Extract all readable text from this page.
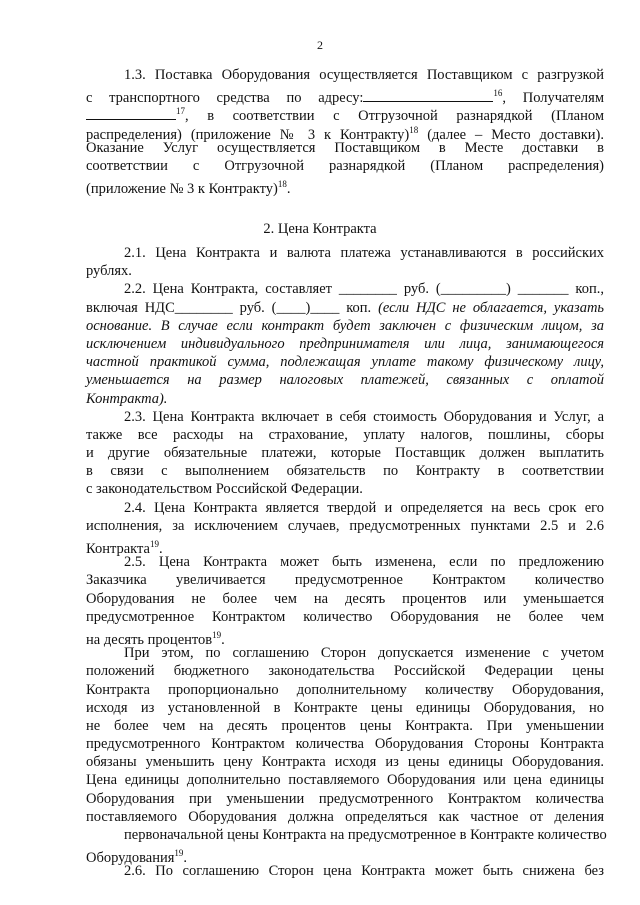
2
1.3. Поставка Оборудования осуществляется Поставщиком с разгрузкой
с транспортного средства по адресу:	$^{16}$, Получателям
$^{17}$, в соответствии с Отгрузочной разнарядкой (Планом
распределения) (приложение № 3 к Контракту)$^{18}$ (далее – Место доставки).
Оказание Услуг осуществляется Поставщиком в Месте доставки в
соответствии с Отгрузочной разнарядкой (Планом распределения)
(приложение № 3 к Контракту)$^{18}$.
2. Цена Контракта
2.1. Цена Контракта и валюта платежа устанавливаются в российских
рублях.
2.2. Цена Контракта, составляет ________ руб. (_________) _______ коп.,
включая НДС________ руб. (____)____ коп. (если НДС не облагается, указать
основание. В случае если контракт будет заключен с физическим лицом, за
исключением индивидуального предпринимателя или лица, занимающегося
частной практикой сумма, подлежащая уплате такому физическому лицу,
уменьшается на размер налоговых платежей, связанных с оплатой
Контракта).
2.3. Цена Контракта включает в себя стоимость Оборудования и Услуг, а
также все расходы на страхование, уплату налогов, пошлины, сборы
и другие обязательные платежи, которые Поставщик должен выплатить
в связи с выполнением обязательств по Контракту в соответствии
с законодательством Российской Федерации.
2.4. Цена Контракта является твердой и определяется на весь срок его
исполнения, за исключением случаев, предусмотренных пунктами 2.5 и 2.6
Контракта$^{19}$.
2.5. Цена Контракта может быть изменена, если по предложению
Заказчика увеличивается предусмотренное Контрактом количество
Оборудования не более чем на десять процентов или уменьшается
предусмотренное Контрактом количество Оборудования не более чем
на десять процентов$^{19}$.
При этом, по соглашению Сторон допускается изменение с учетом
положений бюджетного законодательства Российской Федерации цены
Контракта пропорционально дополнительному количеству Оборудования,
исходя из установленной в Контракте цены единицы Оборудования, но
не более чем на десять процентов цены Контракта. При уменьшении
предусмотренного Контрактом количества Оборудования Стороны Контракта
обязаны уменьшить цену Контракта исходя из цены единицы Оборудования.
Цена единицы дополнительно поставляемого Оборудования или цена единицы
Оборудования при уменьшении предусмотренного Контрактом количества
поставляемого Оборудования должна определяться как частное от деления
первоначальной цены Контракта на предусмотренное в Контракте количество
Оборудования$^{19}$.
2.6. По соглашению Сторон цена Контракта может быть снижена без
